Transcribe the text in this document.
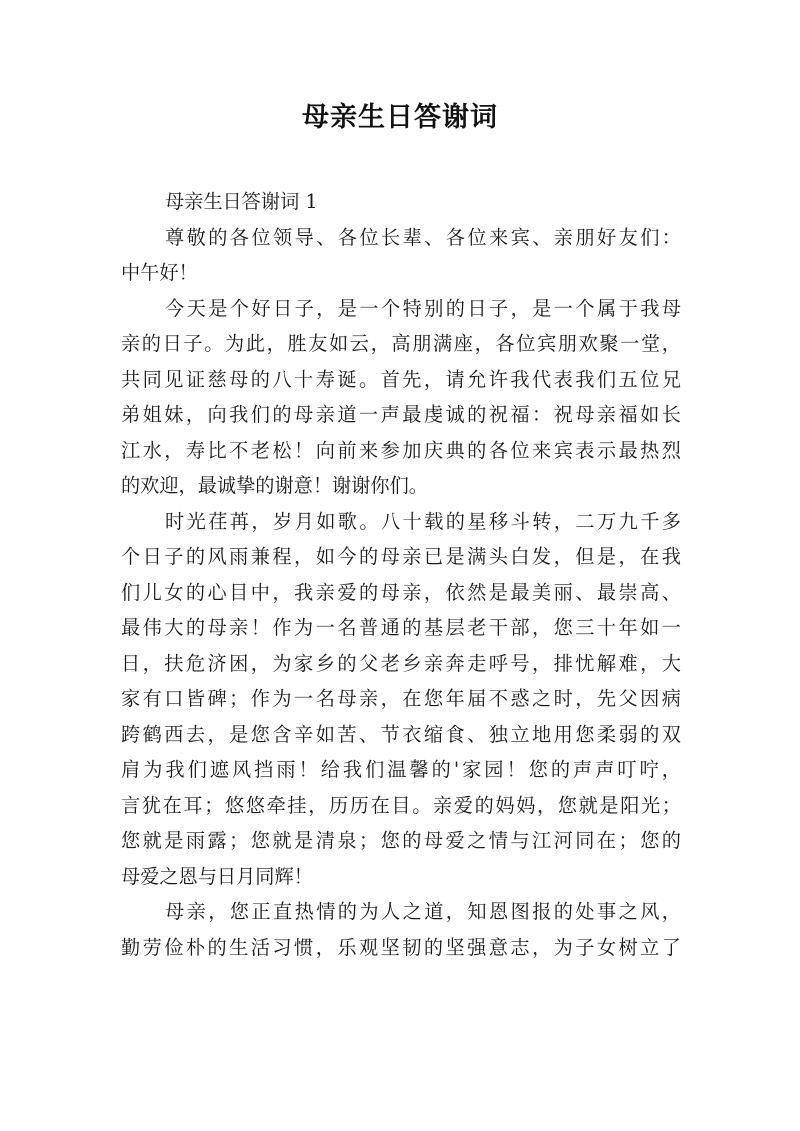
母亲生日答谢词
母亲生日答谢词 1
尊敬的各位领导、各位长辈、各位来宾、亲朋好友们：
中午好！
今天是个好日子，是一个特别的日子，是一个属于我母
亲的日子。为此，胜友如云，高朋满座，各位宾朋欢聚一堂，
共同见证慈母的八十寿诞。首先，请允许我代表我们五位兄
弟姐妹，向我们的母亲道一声最虔诚的祝福：祝母亲福如长
江水，寿比不老松！向前来参加庆典的各位来宾表示最热烈
的欢迎，最诚挚的谢意！谢谢你们。
时光荏苒，岁月如歌。八十载的星移斗转，二万九千多
个日子的风雨兼程，如今的母亲已是满头白发，但是，在我
们儿女的心目中，我亲爱的母亲，依然是最美丽、最崇高、
最伟大的母亲！作为一名普通的基层老干部，您三十年如一
日，扶危济困，为家乡的父老乡亲奔走呼号，排忧解难，大
家有口皆碑；作为一名母亲，在您年届不惑之时，先父因病
跨鹤西去，是您含辛如苦、节衣缩食、独立地用您柔弱的双
肩为我们遮风挡雨！给我们温馨的'家园！您的声声叮咛，
言犹在耳；悠悠牵挂，历历在目。亲爱的妈妈，您就是阳光；
您就是雨露；您就是清泉；您的母爱之情与江河同在；您的
母爱之恩与日月同辉！
母亲，您正直热情的为人之道，知恩图报的处事之风，
勤劳俭朴的生活习惯，乐观坚韧的坚强意志，为子女树立了
